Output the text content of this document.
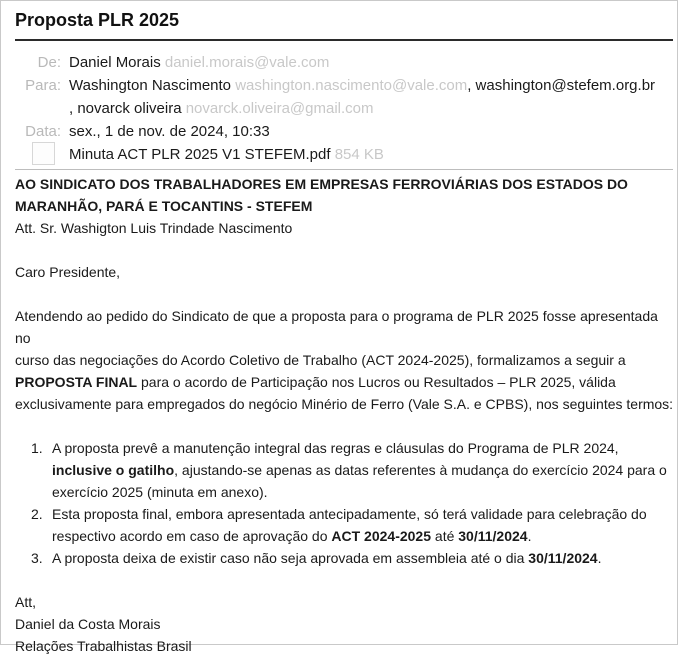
Proposta PLR 2025
De: Daniel Morais daniel.morais@vale.com
Para: Washington Nascimento washington.nascimento@vale.com, washington@stefem.org.br
, novarck oliveira novarck.oliveira@gmail.com
Data: sex., 1 de nov. de 2024, 10:33
Minuta ACT PLR 2025 V1 STEFEM.pdf 854 KB

AO SINDICATO DOS TRABALHADORES EM EMPRESAS FERROVIÁRIAS DOS ESTADOS DO

MARANHÃO, PARÁ E TOCANTINS - STEFEM

Att. Sr. Washigton Luis Trindade Nascimento

Caro Presidente,

Atendendo ao pedido do Sindicato de que a proposta para o programa de PLR 2025 fosse apresentada no

curso das negociações do Acordo Coletivo de Trabalho (ACT 2024-2025), formalizamos a seguir a

PROPOSTA FINAL para o acordo de Participação nos Lucros ou Resultados – PLR 2025, válida

exclusivamente para empregados do negócio Minério de Ferro (Vale S.A. e CPBS), nos seguintes termos:

1. A proposta prevê a manutenção integral das regras e cláusulas do Programa de PLR 2024,
inclusive o gatilho, ajustando-se apenas as datas referentes à mudança do exercício 2024 para o
exercício 2025 (minuta em anexo).
2. Esta proposta final, embora apresentada antecipadamente, só terá validade para celebração do
respectivo acordo em caso de aprovação do ACT 2024-2025 até 30/11/2024.
3. A proposta deixa de existir caso não seja aprovada em assembleia até o dia 30/11/2024.

Att,

Daniel da Costa Morais

Relações Trabalhistas Brasil
